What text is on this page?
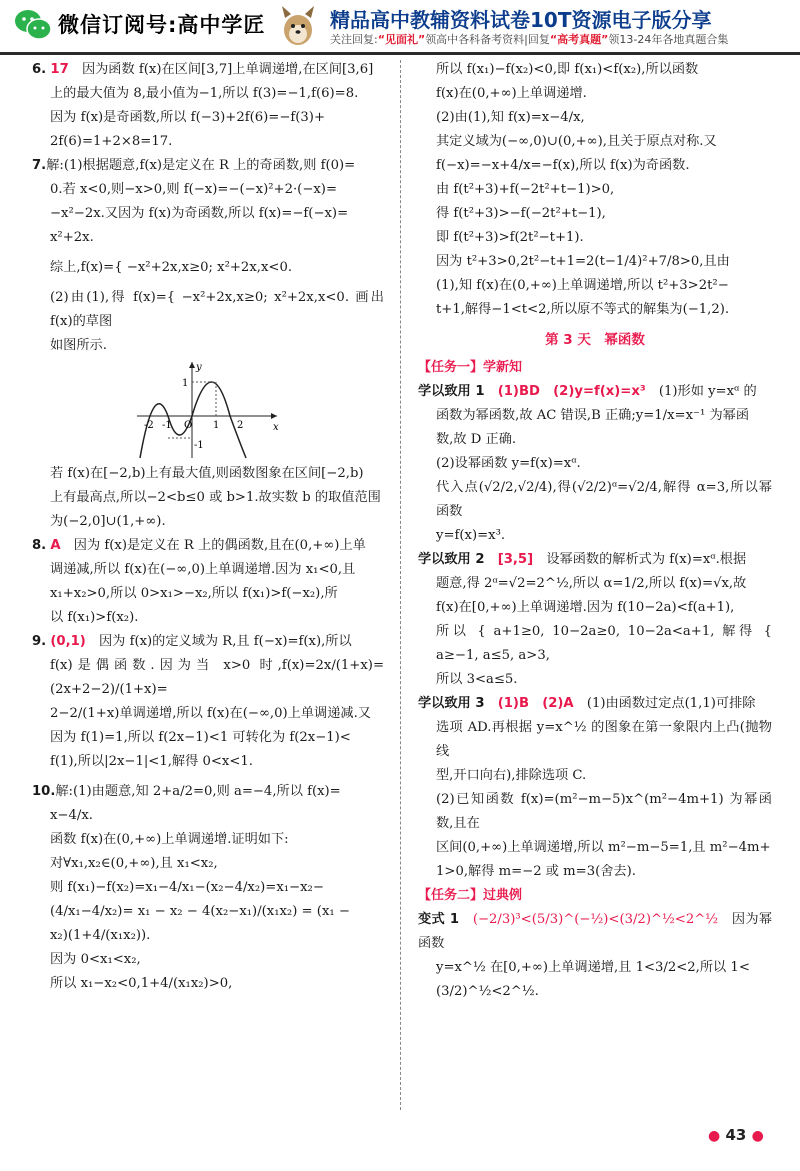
微信订阅号:高中学匠	精品高中教辅资料试卷10T资源电子版分享
关注回复:“见面礼”领高中各科备考资料|回复“高考真题”领13-24年各地真题合集

6. 17　 因为函数 f(x)在区间[3,7]上单调递增,在区间[3,6]

上的最大值为 8,最小值为−1,所以 f(3)=−1,f(6)=8.

因为 f(x)是奇函数,所以 f(−3)+2f(6)=−f(3)+

2f(6)=1+2×8=17.

7.解:(1)根据题意,f(x)是定义在 R 上的奇函数,则 f(0)=

0.若 x<0,则−x>0,则 f(−x)=−(−x)²+2·(−x)=

−x²−2x.又因为 f(x)为奇函数,所以 f(x)=−f(−x)=

x²+2x.

综上,f(x)={ −x²+2x,x≥0; x²+2x,x<0.

(2)由(1),得 f(x)={ −x²+2x,x≥0; x²+2x,x<0. 画出 f(x)的草图

如图所示.

x
y
O
-2 -1	1 2
1
-1

若 f(x)在[−2,b)上有最大值,则函数图象在区间[−2,b)

上有最高点,所以−2<b≤0 或 b>1.故实数 b 的取值范围

为(−2,0]∪(1,+∞).

8. A　 因为 f(x)是定义在 R 上的偶函数,且在(0,+∞)上单

调递减,所以 f(x)在(−∞,0)上单调递增.因为 x₁<0,且

x₁+x₂>0,所以 0>x₁>−x₂,所以 f(x₁)>f(−x₂),所

以 f(x₁)>f(x₂).

9. (0,1)　 因为 f(x)的定义域为 R,且 f(−x)=f(x),所以

f(x)是偶函数.因为当 x>0 时,f(x)=2x/(1+x)=(2x+2−2)/(1+x)=

2−2/(1+x)单调递增,所以 f(x)在(−∞,0)上单调递减.又

因为 f(1)=1,所以 f(2x−1)<1 可转化为 f(2x−1)<

f(1),所以|2x−1|<1,解得 0<x<1.

10.解:(1)由题意,知 2+a/2=0,则 a=−4,所以 f(x)=

x−4/x.

函数 f(x)在(0,+∞)上单调递增.证明如下:

对∀x₁,x₂∈(0,+∞),且 x₁<x₂,

则 f(x₁)−f(x₂)=x₁−4/x₁−(x₂−4/x₂)=x₁−x₂−

(4/x₁−4/x₂)= x₁ − x₂ − 4(x₂−x₁)/(x₁x₂) = (x₁ −

x₂)(1+4/(x₁x₂)).

因为 0<x₁<x₂,

所以 x₁−x₂<0,1+4/(x₁x₂)>0,

所以 f(x₁)−f(x₂)<0,即 f(x₁)<f(x₂),所以函数

f(x)在(0,+∞)上单调递增.

(2)由(1),知 f(x)=x−4/x,

其定义域为(−∞,0)∪(0,+∞),且关于原点对称.又

f(−x)=−x+4/x=−f(x),所以 f(x)为奇函数.

由 f(t²+3)+f(−2t²+t−1)>0,

得 f(t²+3)>−f(−2t²+t−1),

即 f(t²+3)>f(2t²−t+1).

因为 t²+3>0,2t²−t+1=2(t−1/4)²+7/8>0,且由

(1),知 f(x)在(0,+∞)上单调递增,所以 t²+3>2t²−

t+1,解得−1<t<2,所以原不等式的解集为(−1,2).

第 3 天　幂函数
【任务一】学新知

学以致用 1　 (1)BD　(2)y=f(x)=x³　 (1)形如 y=xᵅ 的

函数为幂函数,故 AC 错误,B 正确;y=1/x=x⁻¹ 为幂函

数,故 D 正确.

(2)设幂函数 y=f(x)=xᵅ.

代入点(√2/2,√2/4),得(√2/2)ᵅ=√2/4,解得 α=3,所以幂函数

y=f(x)=x³.

学以致用 2　 [3,5]　 设幂函数的解析式为 f(x)=xᵅ.根据

题意,得 2ᵅ=√2=2^½,所以 α=1/2,所以 f(x)=√x,故

f(x)在[0,+∞)上单调递增.因为 f(10−2a)<f(a+1),

所以 { a+1≥0, 10−2a≥0, 10−2a<a+1, 解得 { a≥−1, a≤5, a>3,

所以 3<a≤5.

学以致用 3　 (1)B　(2)A　 (1)由函数过定点(1,1)可排除

选项 AD.再根据 y=x^½ 的图象在第一象限内上凸(抛物线

型,开口向右),排除选项 C.

(2)已知函数 f(x)=(m²−m−5)x^(m²−4m+1) 为幂函数,且在

区间(0,+∞)上单调递增,所以 m²−m−5=1,且 m²−4m+

1>0,解得 m=−2 或 m=3(舍去).

【任务二】过典例

变式 1　 (−2/3)³<(5/3)^(−½)<(3/2)^½<2^½　 因为幂函数

y=x^½ 在[0,+∞)上单调递增,且 1<3/2<2,所以 1<

(3/2)^½<2^½.

● 43 ●
